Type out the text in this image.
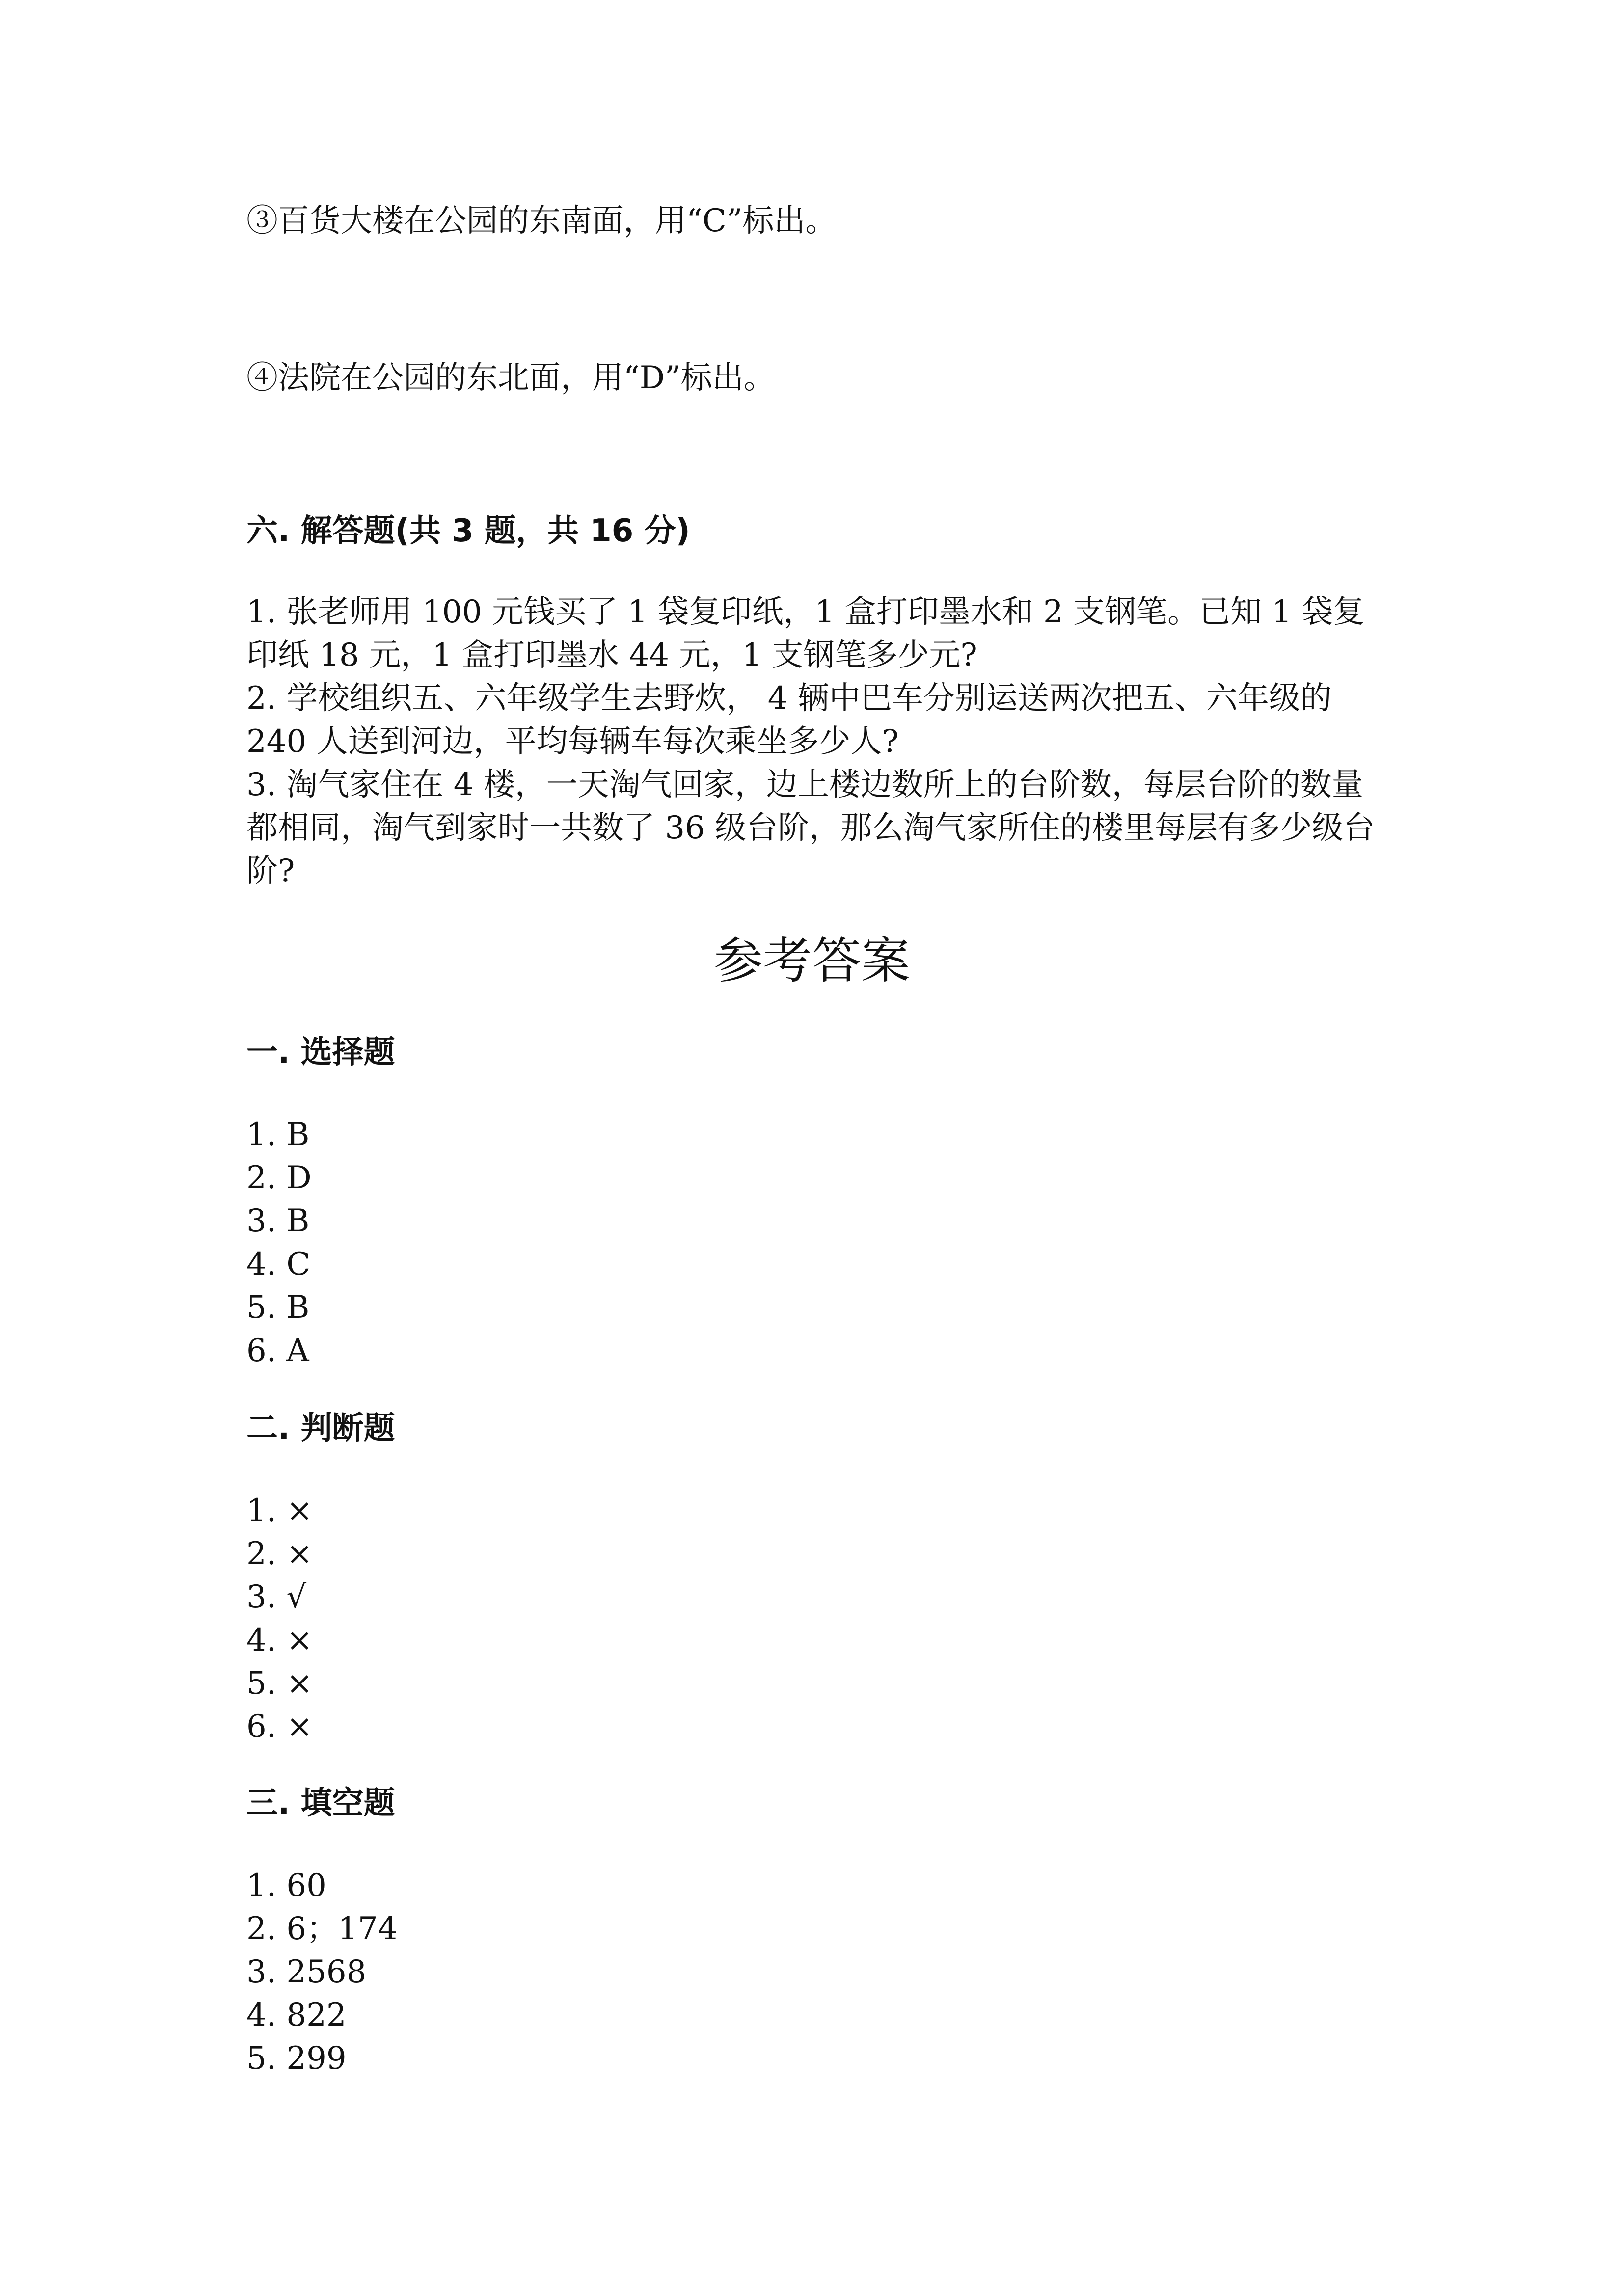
③百货大楼在公园的东南面，用“C”标出。
④法院在公园的东北面，用“D”标出。
六. 解答题(共 3 题，共 16 分)
1. 张老师用 100 元钱买了 1 袋复印纸，1 盒打印墨水和 2 支钢笔。已知 1 袋复印纸 18 元，1 盒打印墨水 44 元，1 支钢笔多少元?
2. 学校组织五、六年级学生去野炊， 4 辆中巴车分别运送两次把五、六年级的 240 人送到河边，平均每辆车每次乘坐多少人?
3. 淘气家住在 4 楼，一天淘气回家，边上楼边数所上的台阶数，每层台阶的数量都相同，淘气到家时一共数了 36 级台阶，那么淘气家所住的楼里每层有多少级台阶?
参考答案
一. 选择题
1. B
2. D
3. B
4. C
5. B
6. A
二. 判断题
1. ×
2. ×
3. √
4. ×
5. ×
6. ×
三. 填空题
1. 60
2. 6；174
3. 2568
4. 822
5. 299
